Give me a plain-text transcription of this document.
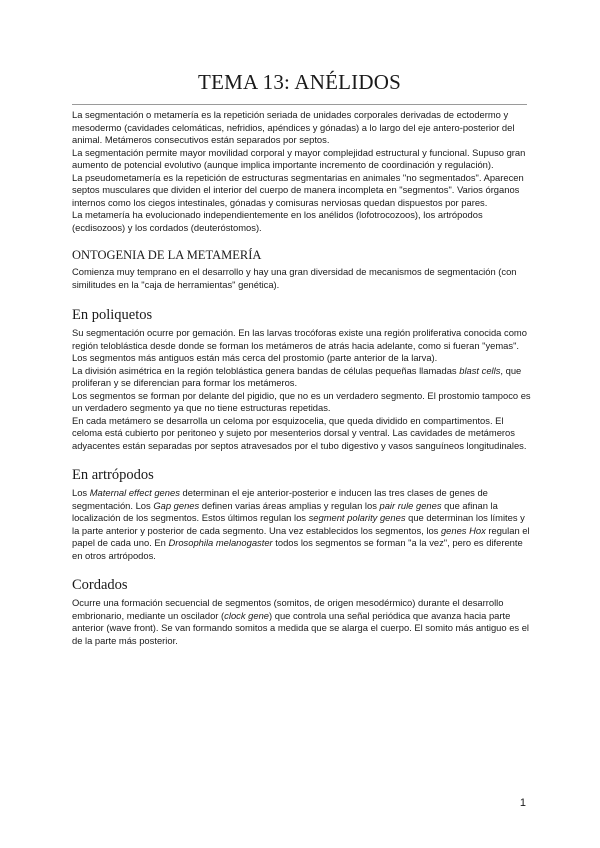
TEMA 13: ANÉLIDOS

La segmentación o metamería es la repetición seriada de unidades corporales derivadas de ectodermo y mesodermo (cavidades celomáticas, nefridios, apéndices y gónadas) a lo largo del eje antero-posterior del animal. Metámeros consecutivos están separados por septos.

La segmentación permite mayor movilidad corporal y mayor complejidad estructural y funcional. Supuso gran aumento de potencial evolutivo (aunque implica importante incremento de coordinación y regulación).

La pseudometamería es la repetición de estructuras segmentarias en animales "no segmentados". Aparecen septos musculares que dividen el interior del cuerpo de manera incompleta en "segmentos". Varios órganos internos como los ciegos intestinales, gónadas y comisuras nerviosas quedan dispuestos por pares.

La metamería ha evolucionado independientemente en los anélidos (lofotrocozoos), los artrópodos (ecdisozoos) y los cordados (deuteróstomos).

ONTOGENIA DE LA METAMERÍA

Comienza muy temprano en el desarrollo y hay una gran diversidad de mecanismos de segmentación (con similitudes en la "caja de herramientas" genética).

En poliquetos

Su segmentación ocurre por gemación. En las larvas trocóforas existe una región proliferativa conocida como región teloblástica desde donde se forman los metámeros de atrás hacia adelante, como si fueran "yemas". Los segmentos más antiguos están más cerca del prostomio (parte anterior de la larva).

La división asimétrica en la región teloblástica genera bandas de células pequeñas llamadas blast cells, que proliferan y se diferencian para formar los metámeros.

Los segmentos se forman por delante del pigidio, que no es un verdadero segmento. El prostomio tampoco es un verdadero segmento ya que no tiene estructuras repetidas.

En cada metámero se desarrolla un celoma por esquizocelia, que queda dividido en compartimentos. El celoma está cubierto por peritoneo y sujeto por mesenterios dorsal y ventral. Las cavidades de metámeros adyacentes están separadas por septos atravesados por el tubo digestivo y vasos sanguíneos longitudinales.

En artrópodos

Los Maternal effect genes determinan el eje anterior-posterior e inducen las tres clases de genes de segmentación. Los Gap genes definen varias áreas amplias y regulan los pair rule genes que afinan la localización de los segmentos. Estos últimos regulan los segment polarity genes que determinan los límites y la parte anterior y posterior de cada segmento. Una vez establecidos los segmentos, los genes Hox regulan el papel de cada uno. En Drosophila melanogaster todos los segmentos se forman "a la vez", pero es diferente en otros artrópodos.

Cordados

Ocurre una formación secuencial de segmentos (somitos, de origen mesodérmico) durante el desarrollo embrionario, mediante un oscilador (clock gene) que controla una señal periódica que avanza hacia parte anterior (wave front). Se van formando somitos a medida que se alarga el cuerpo. El somito más antiguo es el de la parte más posterior.

1
